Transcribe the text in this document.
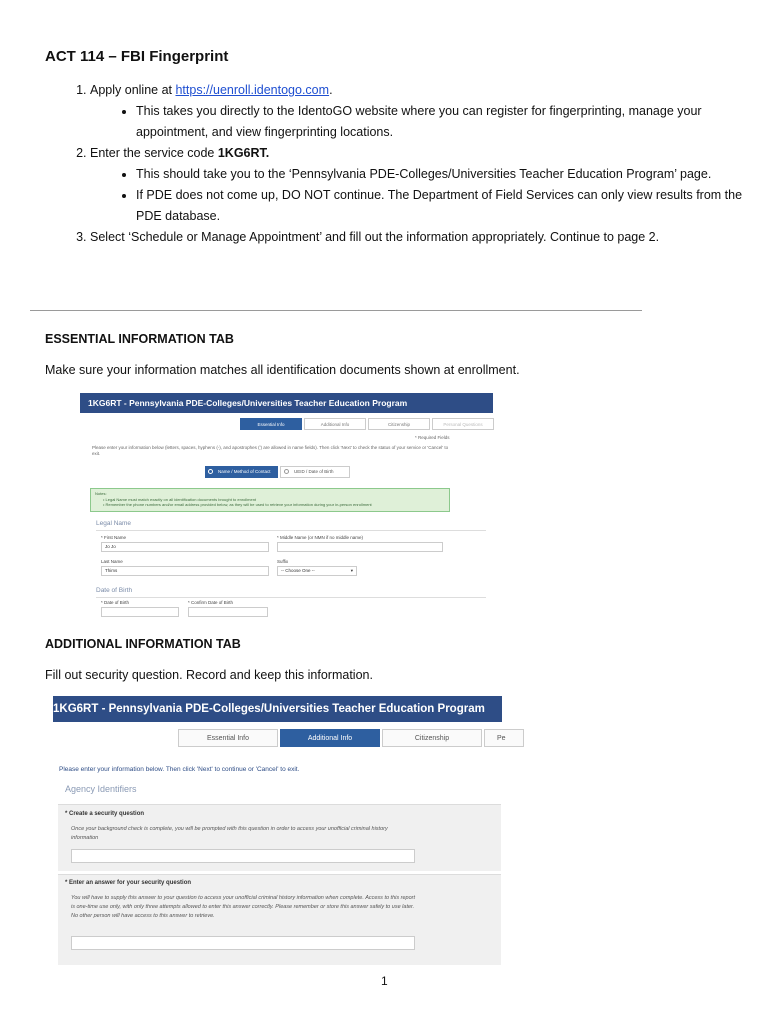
ACT 114 – FBI Fingerprint
1. Apply online at https://uenroll.identogo.com.
• This takes you directly to the IdentoGO website where you can register for fingerprinting, manage your appointment, and view fingerprinting locations.
2. Enter the service code 1KG6RT.
• This should take you to the ‘Pennsylvania PDE-Colleges/Universities Teacher Education Program’ page.
• If PDE does not come up, DO NOT continue. The Department of Field Services can only view results from the PDE database.
3. Select ‘Schedule or Manage Appointment’ and fill out the information appropriately. Continue to page 2.
ESSENTIAL INFORMATION TAB
Make sure your information matches all identification documents shown at enrollment.
1KG6RT - Pennsylvania PDE-Colleges/Universities Teacher Education Program
Essential Info	Additional Info	Citizenship	Personal Questions
* Required Fields
Please enter your information below (letters, spaces, hyphens (-), and apostrophes (') are allowed in name fields). Then click 'Next' to check the status of your service or 'Cancel' to exit.
Name / Method of Contact	UEID / Date of Birth
Notes:
• Legal Name must match exactly on all identification documents brought to enrollment
• Remember the phone numbers and/or email address provided below, as they will be used to retrieve your information during your in-person enrollment
Legal Name
* First Name
Jo Jo
* Middle Name (or NMN if no middle name)
Last Name
Thims
Suffix
-- Choose One --	▾
Date of Birth
* Date of Birth	* Confirm Date of Birth
ADDITIONAL INFORMATION TAB
Fill out security question. Record and keep this information.
1KG6RT - Pennsylvania PDE-Colleges/Universities Teacher Education Program
Essential Info	Additional Info	Citizenship	Pe
Please enter your information below. Then click 'Next' to continue or 'Cancel' to exit.
Agency Identifiers
* Create a security question
Once your background check is complete, you will be prompted with this question in order to access your unofficial criminal history information
* Enter an answer for your security question
You will have to supply this answer to your question to access your unofficial criminal history information when complete. Access to this report is one-time use only, with only three attempts allowed to enter this answer correctly. Please remember or store this answer safely to use later. No other person will have access to this answer to retrieve.
1
